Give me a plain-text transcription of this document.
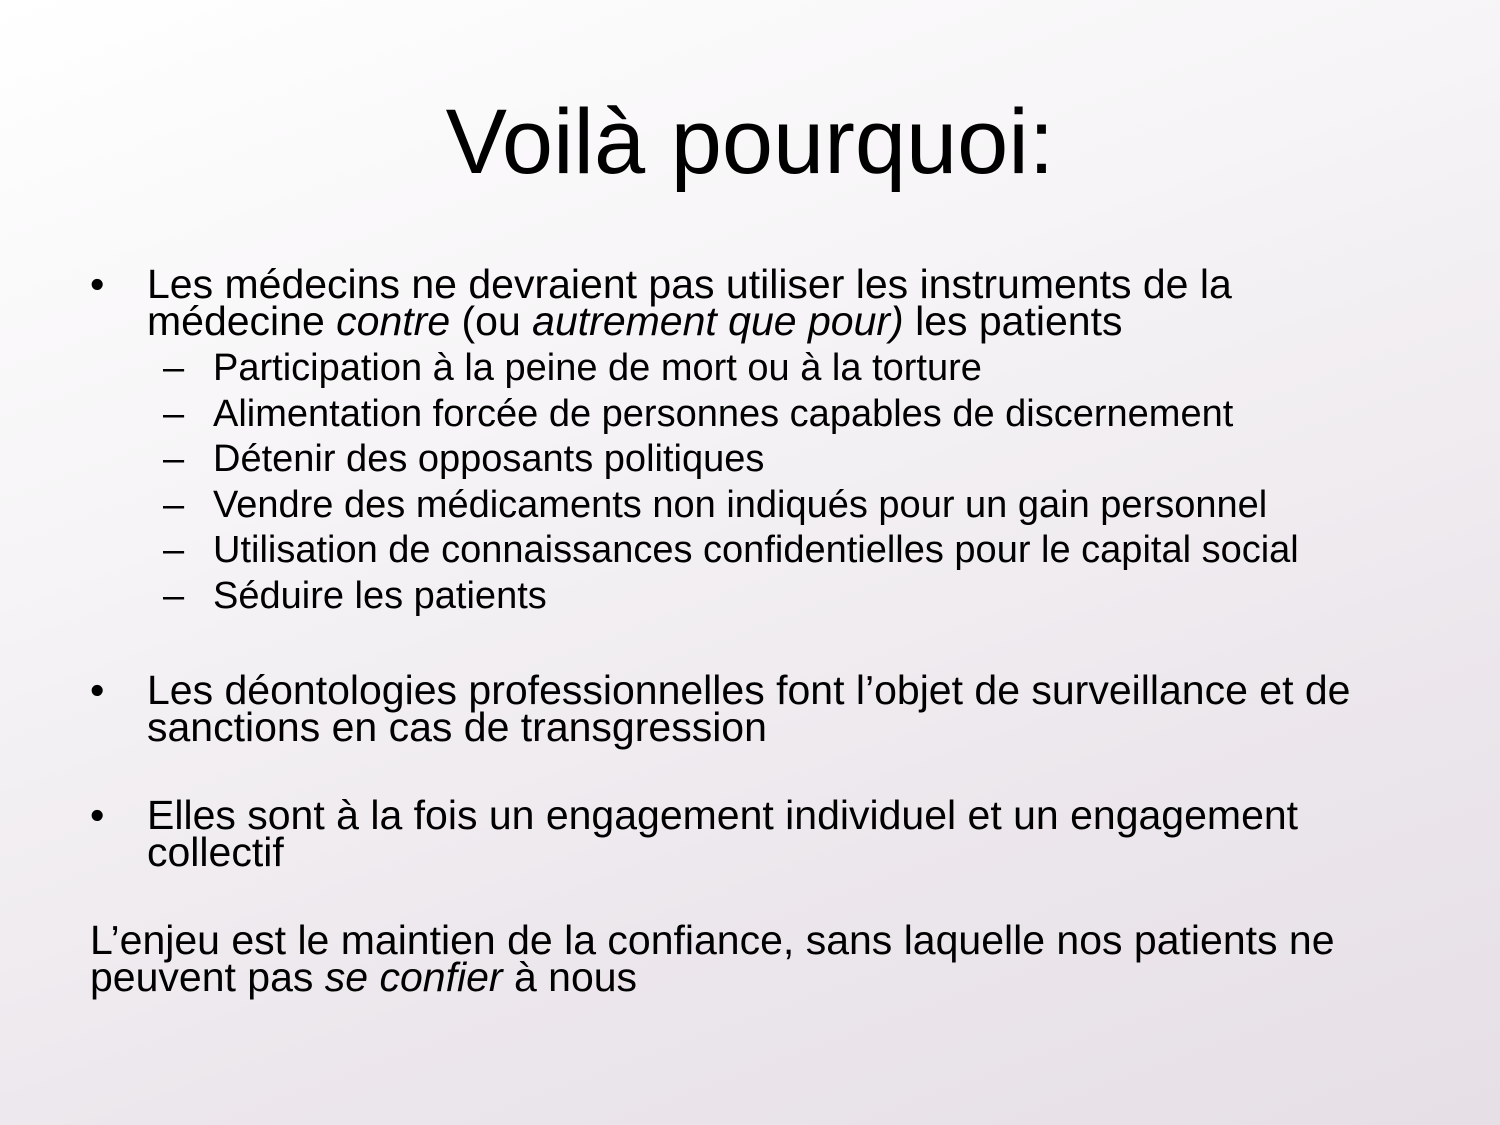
Voilà pourquoi:
• Les médecins ne devraient pas utiliser les instruments de la
médecine contre (ou autrement que pour) les patients
– Participation à la peine de mort ou à la torture
– Alimentation forcée de personnes capables de discernement
– Détenir des opposants politiques
– Vendre des médicaments non indiqués pour un gain personnel
– Utilisation de connaissances confidentielles pour le capital social
– Séduire les patients
• Les déontologies professionnelles font l’objet de surveillance et de
sanctions en cas de transgression
• Elles sont à la fois un engagement individuel et un engagement
collectif
L’enjeu est le maintien de la confiance, sans laquelle nos patients ne
peuvent pas se confier à nous
